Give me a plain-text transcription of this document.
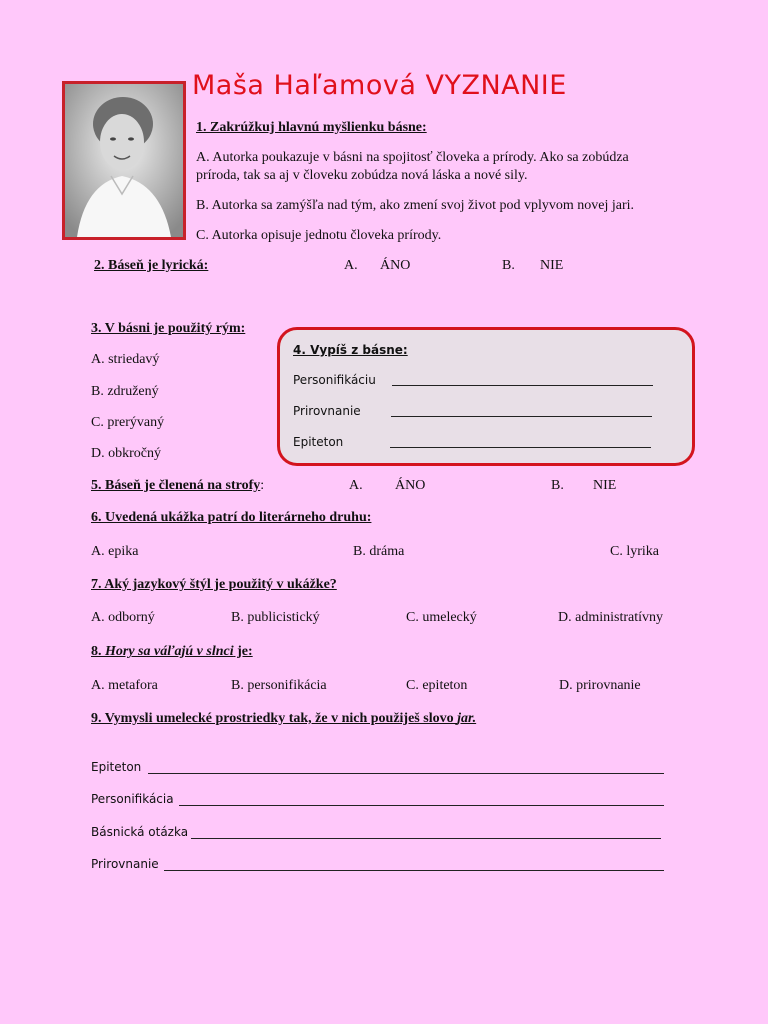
Maša Haľamová VYZNANIE
1. Zakrúžkuj hlavnú myšlienku básne:
A. Autorka poukazuje v básni na spojitosť človeka a prírody. Ako sa zobúdza
príroda, tak sa aj v človeku zobúdza nová láska a nové sily.
B. Autorka sa zamýšľa nad tým, ako zmení svoj život pod vplyvom novej jari.
C. Autorka opisuje jednotu človeka prírody.
2. Báseň je lyrická:	A. ÁNO	B. NIE
3. V básni je použitý rým:
A. striedavý
B. združený
C. prerývaný
D. obkročný
4. Vypíš z básne:
Personifikáciu
Prirovnanie
Epiteton
5. Báseň je členená na strofy:	A. ÁNO	B. NIE
6. Uvedená ukážka patrí do literárneho druhu:
A. epika	B. dráma	C. lyrika
7. Aký jazykový štýl je použitý v ukážke?
A. odborný	B. publicistický	C. umelecký	D. administratívny
8. Hory sa váľajú v slnci je:
A. metafora	B. personifikácia	C. epiteton	D. prirovnanie
9. Vymysli umelecké prostriedky tak, že v nich použiješ slovo jar.
Epiteton
Personifikácia
Básnická otázka
Prirovnanie
